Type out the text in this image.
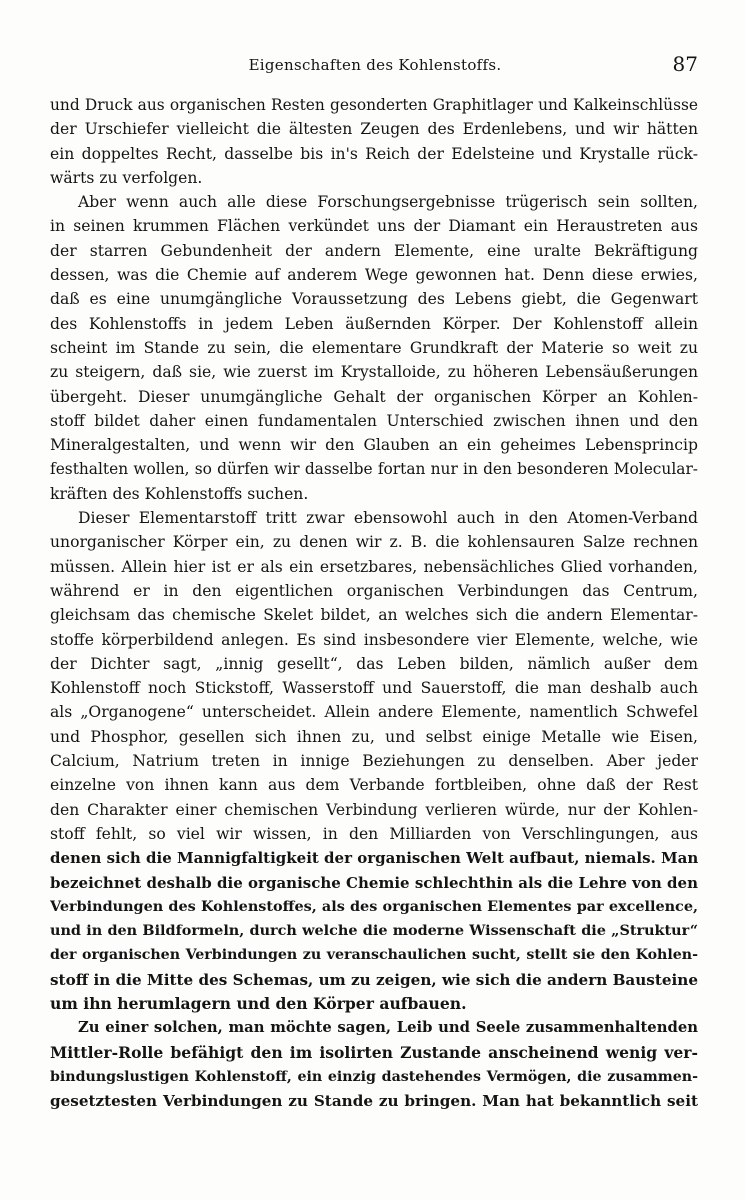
Eigenschaften des Kohlenstoffs.	87
und Druck aus organischen Resten gesonderten Graphitlager und Kalkeinschlüsse
der Urschiefer vielleicht die ältesten Zeugen des Erdenlebens, und wir hätten
ein doppeltes Recht, dasselbe bis in's Reich der Edelsteine und Krystalle rück-
wärts zu verfolgen.
Aber wenn auch alle diese Forschungsergebnisse trügerisch sein sollten,
in seinen krummen Flächen verkündet uns der Diamant ein Heraustreten aus
der starren Gebundenheit der andern Elemente, eine uralte Bekräftigung
dessen, was die Chemie auf anderem Wege gewonnen hat. Denn diese erwies,
daß es eine unumgängliche Voraussetzung des Lebens giebt, die Gegenwart
des Kohlenstoffs in jedem Leben äußernden Körper. Der Kohlenstoff allein
scheint im Stande zu sein, die elementare Grundkraft der Materie so weit zu
zu steigern, daß sie, wie zuerst im Krystalloide, zu höheren Lebensäußerungen
übergeht. Dieser unumgängliche Gehalt der organischen Körper an Kohlen-
stoff bildet daher einen fundamentalen Unterschied zwischen ihnen und den
Mineralgestalten, und wenn wir den Glauben an ein geheimes Lebensprincip
festhalten wollen, so dürfen wir dasselbe fortan nur in den besonderen Molecular-
kräften des Kohlenstoffs suchen.
Dieser Elementarstoff tritt zwar ebensowohl auch in den Atomen-Verband
unorganischer Körper ein, zu denen wir z. B. die kohlensauren Salze rechnen
müssen. Allein hier ist er als ein ersetzbares, nebensächliches Glied vorhanden,
während er in den eigentlichen organischen Verbindungen das Centrum,
gleichsam das chemische Skelet bildet, an welches sich die andern Elementar-
stoffe körperbildend anlegen. Es sind insbesondere vier Elemente, welche, wie
der Dichter sagt, „innig gesellt“, das Leben bilden, nämlich außer dem
Kohlenstoff noch Stickstoff, Wasserstoff und Sauerstoff, die man deshalb auch
als „Organogene“ unterscheidet. Allein andere Elemente, namentlich Schwefel
und Phosphor, gesellen sich ihnen zu, und selbst einige Metalle wie Eisen,
Calcium, Natrium treten in innige Beziehungen zu denselben. Aber jeder
einzelne von ihnen kann aus dem Verbande fortbleiben, ohne daß der Rest
den Charakter einer chemischen Verbindung verlieren würde, nur der Kohlen-
stoff fehlt, so viel wir wissen, in den Milliarden von Verschlingungen, aus
denen sich die Mannigfaltigkeit der organischen Welt aufbaut, niemals. Man
bezeichnet deshalb die organische Chemie schlechthin als die Lehre von den
Verbindungen des Kohlenstoffes, als des organischen Elementes par excellence,
und in den Bildformeln, durch welche die moderne Wissenschaft die „Struktur“
der organischen Verbindungen zu veranschaulichen sucht, stellt sie den Kohlen-
stoff in die Mitte des Schemas, um zu zeigen, wie sich die andern Bausteine
um ihn herumlagern und den Körper aufbauen.
Zu einer solchen, man möchte sagen, Leib und Seele zusammenhaltenden
Mittler-Rolle befähigt den im isolirten Zustande anscheinend wenig ver-
bindungslustigen Kohlenstoff, ein einzig dastehendes Vermögen, die zusammen-
gesetztesten Verbindungen zu Stande zu bringen. Man hat bekanntlich seit
